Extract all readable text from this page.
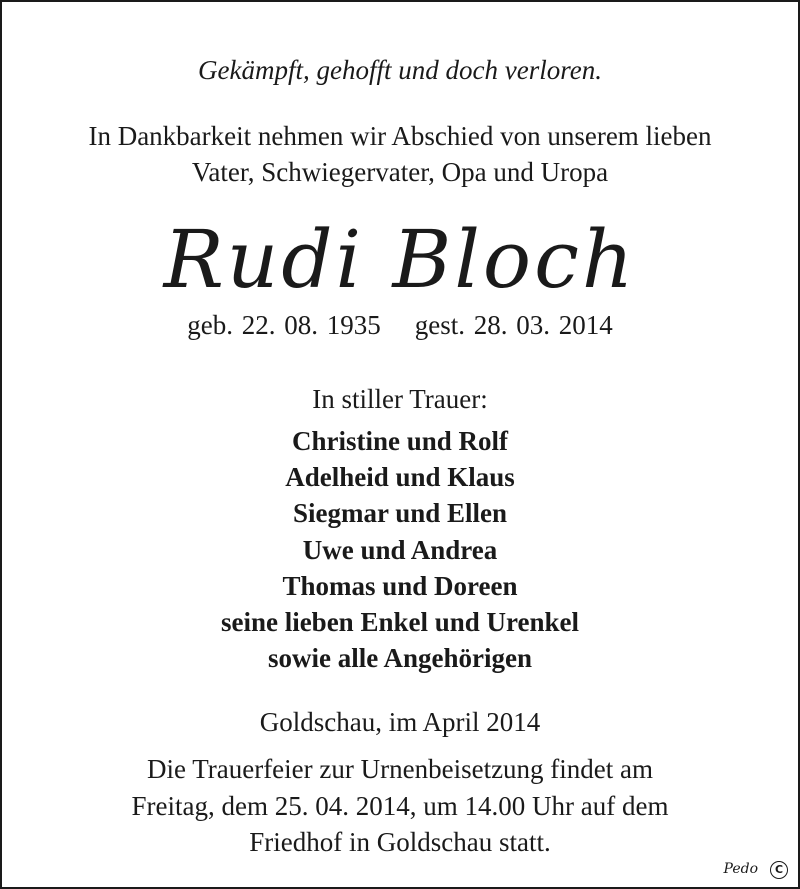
Gekämpft, gehofft und doch verloren.
In Dankbarkeit nehmen wir Abschied von unserem lieben
Vater, Schwiegervater, Opa und Uropa
Rudi Bloch
geb. 22. 08. 1935 gest. 28. 03. 2014
In stiller Trauer:
Christine und Rolf
Adelheid und Klaus
Siegmar und Ellen
Uwe und Andrea
Thomas und Doreen
seine lieben Enkel und Urenkel
sowie alle Angehörigen
Goldschau, im April 2014
Die Trauerfeier zur Urnenbeisetzung findet am
Freitag, dem 25. 04. 2014, um 14.00 Uhr auf dem
Friedhof in Goldschau statt.
Pedo	C
